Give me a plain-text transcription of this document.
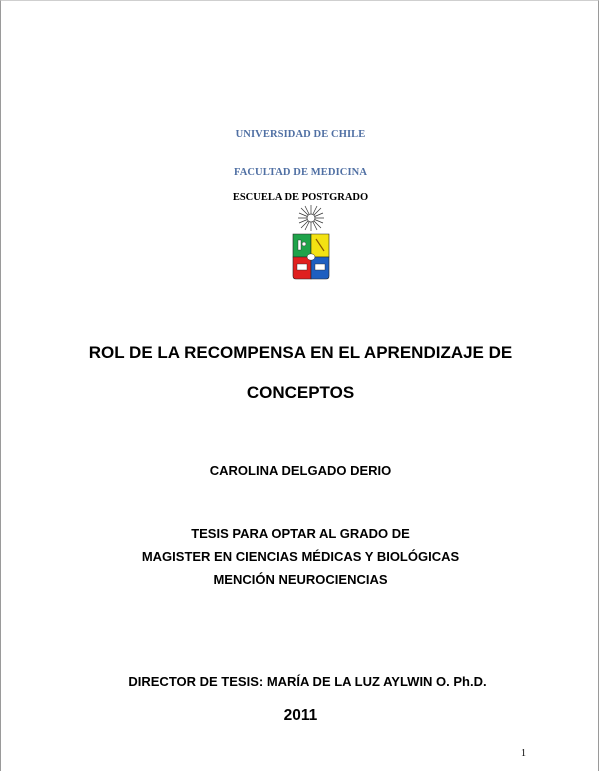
UNIVERSIDAD DE CHILE
FACULTAD DE MEDICINA
ESCUELA DE POSTGRADO
ROL DE LA RECOMPENSA EN EL APRENDIZAJE DE
CONCEPTOS
CAROLINA DELGADO DERIO
TESIS PARA OPTAR AL GRADO DE
MAGISTER EN CIENCIAS MÉDICAS Y BIOLÓGICAS
MENCIÓN NEUROCIENCIAS
DIRECTOR DE TESIS: MARÍA DE LA LUZ AYLWIN O. Ph.D.
2011
1
